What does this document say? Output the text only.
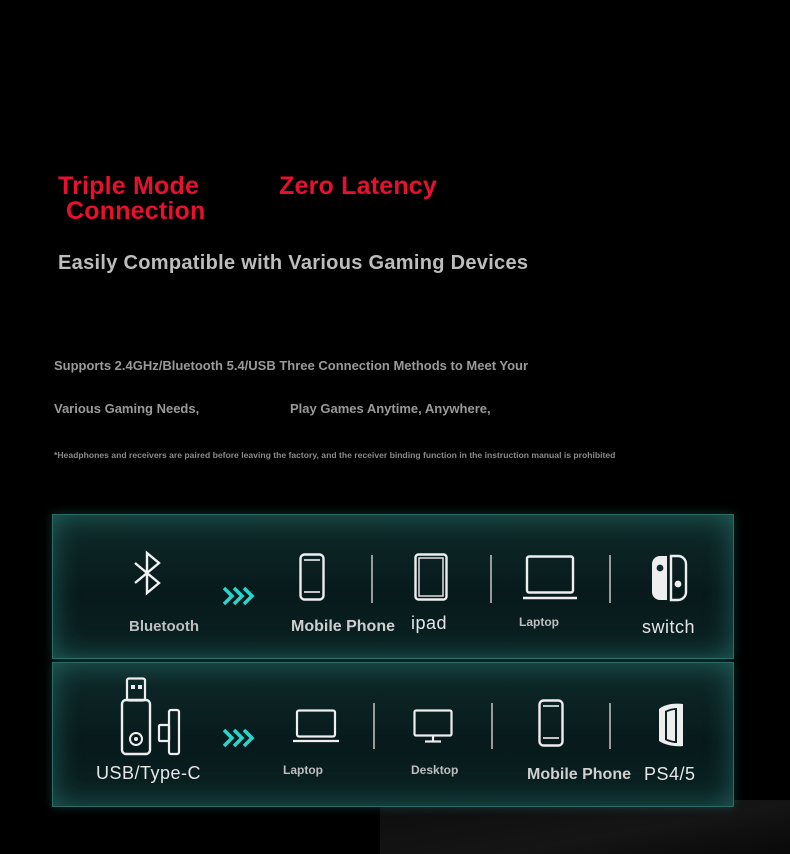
Triple Mode
Connection
Zero Latency
Easily Compatible with Various Gaming Devices
Supports 2.4GHz/Bluetooth 5.4/USB Three Connection Methods to Meet Your
Various Gaming Needs,	Play Games Anytime, Anywhere,
*Headphones and receivers are paired before leaving the factory, and the receiver binding function in the instruction manual is prohibited
Bluetooth	Mobile Phone ipad	Laptop	switch
USB/Type-C	Laptop	Desktop	Mobile Phone PS4/5
